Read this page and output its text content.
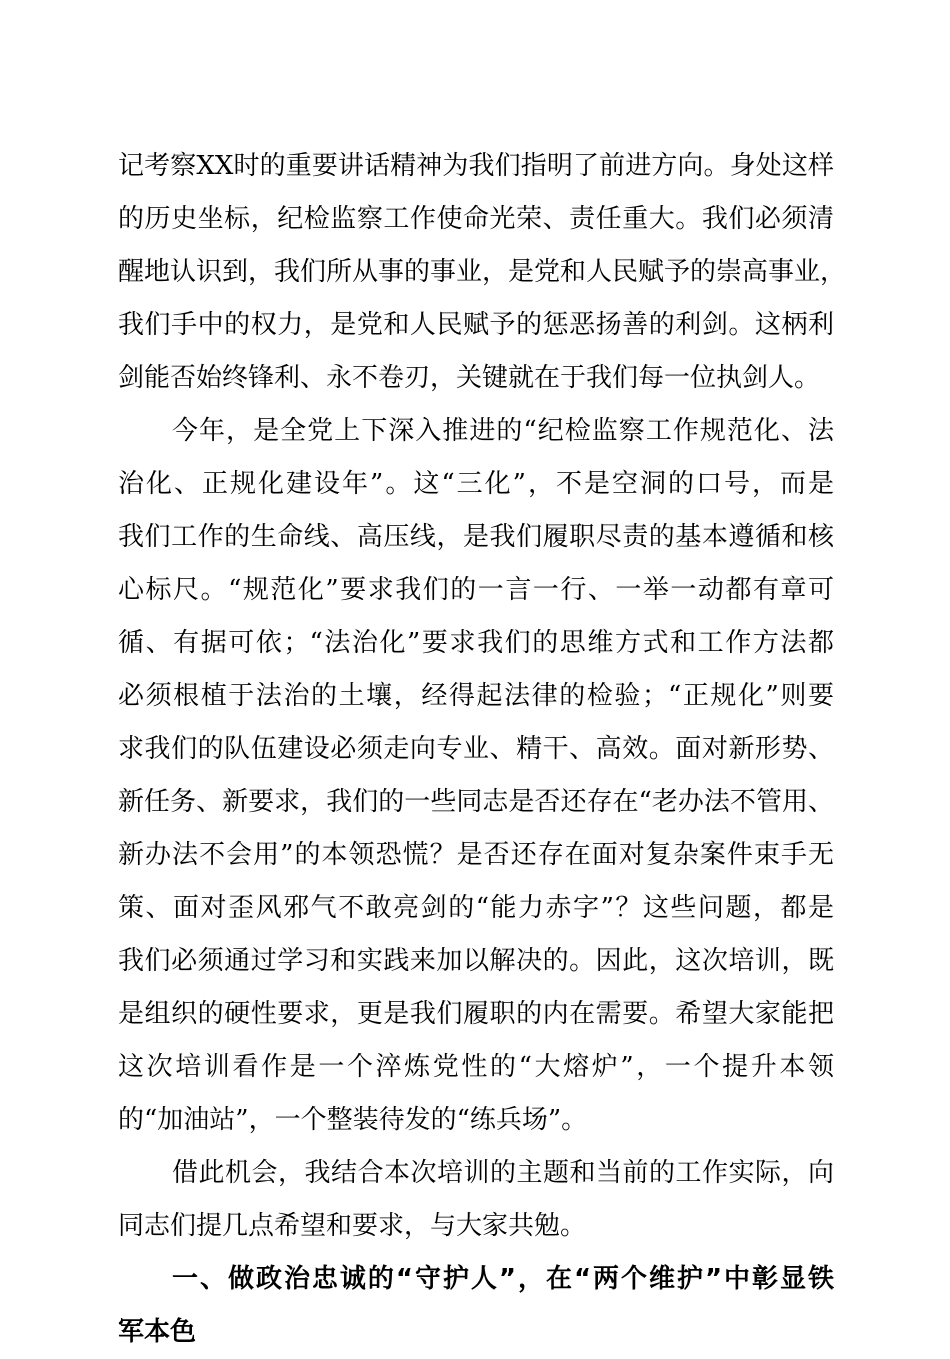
记考察XX时的重要讲话精神为我们指明了前进方向。身处这样
的历史坐标，纪检监察工作使命光荣、责任重大。我们必须清
醒地认识到，我们所从事的事业，是党和人民赋予的崇高事业，
我们手中的权力，是党和人民赋予的惩恶扬善的利剑。这柄利
剑能否始终锋利、永不卷刃，关键就在于我们每一位执剑人。
今年，是全党上下深入推进的“纪检监察工作规范化、法
治化、正规化建设年”。这“三化”，不是空洞的口号，而是
我们工作的生命线、高压线，是我们履职尽责的基本遵循和核
心标尺。“规范化”要求我们的一言一行、一举一动都有章可
循、有据可依；“法治化”要求我们的思维方式和工作方法都
必须根植于法治的土壤，经得起法律的检验；“正规化”则要
求我们的队伍建设必须走向专业、精干、高效。面对新形势、
新任务、新要求，我们的一些同志是否还存在“老办法不管用、
新办法不会用”的本领恐慌？是否还存在面对复杂案件束手无
策、面对歪风邪气不敢亮剑的“能力赤字”？这些问题，都是
我们必须通过学习和实践来加以解决的。因此，这次培训，既
是组织的硬性要求，更是我们履职的内在需要。希望大家能把
这次培训看作是一个淬炼党性的“大熔炉”，一个提升本领
的“加油站”，一个整装待发的“练兵场”。
借此机会，我结合本次培训的主题和当前的工作实际，向
同志们提几点希望和要求，与大家共勉。
一、做政治忠诚的“守护人”，在“两个维护”中彰显铁
军本色
